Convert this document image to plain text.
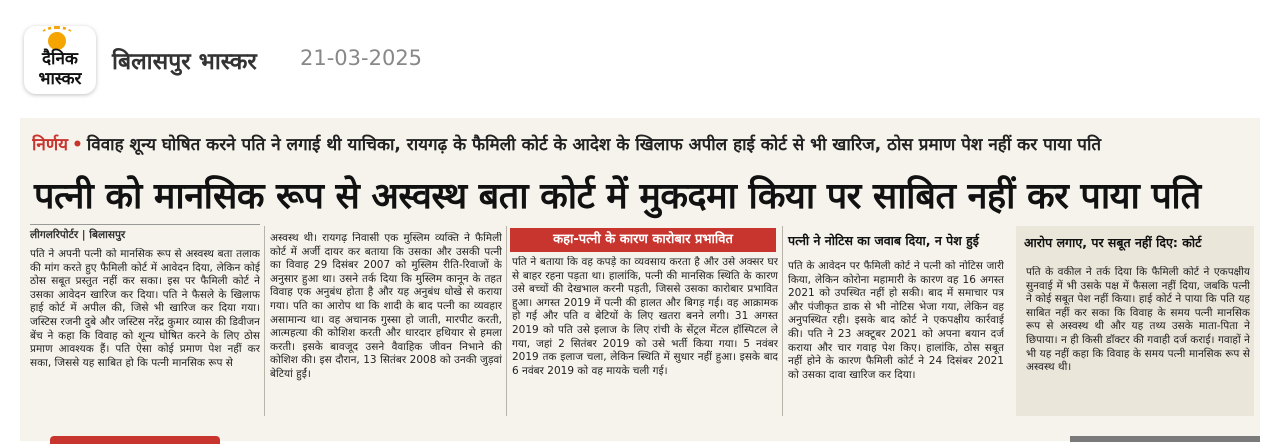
दैनिक
भास्कर
बिलासपुर भास्कर 21-03-2025
निर्णय • विवाह शून्य घोषित करने पति ने लगाई थी याचिका, रायगढ़ के फैमिली कोर्ट के आदेश के खिलाफ अपील हाई कोर्ट से भी खारिज, ठोस प्रमाण पेश नहीं कर पाया पति
पत्नी को मानसिक रूप से अस्वस्थ बता कोर्ट में मुकदमा किया पर साबित नहीं कर पाया पति
लीगलरिपोर्टर | बिलासपुर
पति ने अपनी पत्नी को मानसिक रूप से अस्वस्थ बता तलाक की मांग करते हुए फैमिली कोर्ट में आवेदन दिया, लेकिन कोई ठोस सबूत प्रस्तुत नहीं कर सका। इस पर फैमिली कोर्ट ने उसका आवेदन खारिज कर दिया। पति ने फैसले के खिलाफ हाई कोर्ट में अपील की, जिसे भी खारिज कर दिया गया। जस्टिस रजनी दुबे और जस्टिस नरेंद्र कुमार व्यास की डिवीजन बेंच ने कहा कि विवाह को शून्य घोषित करने के लिए ठोस प्रमाण आवश्यक हैं। पति ऐसा कोई प्रमाण पेश नहीं कर सका, जिससे यह साबित हो कि पत्नी मानसिक रूप से
अस्वस्थ थी। रायगढ़ निवासी एक मुस्लिम व्यक्ति ने फैमिली कोर्ट में अर्जी दायर कर बताया कि उसका और उसकी पत्नी का विवाह 29 दिसंबर 2007 को मुस्लिम रीति-रिवाजों के अनुसार हुआ था। उसने तर्क दिया कि मुस्लिम कानून के तहत विवाह एक अनुबंध होता है और यह अनुबंध धोखे से कराया गया। पति का आरोप था कि शादी के बाद पत्नी का व्यवहार असामान्य था। वह अचानक गुस्सा हो जाती, मारपीट करती, आत्महत्या की कोशिश करती और धारदार हथियार से हमला करती। इसके बावजूद उसने वैवाहिक जीवन निभाने की कोशिश की। इस दौरान, 13 सितंबर 2008 को उनकी जुड़वां बेटियां हुईं।
कहा-पत्नी के कारण कारोबार प्रभावित
पति ने बताया कि वह कपड़े का व्यवसाय करता है और उसे अक्सर घर से बाहर रहना पड़ता था। हालांकि, पत्नी की मानसिक स्थिति के कारण उसे बच्चों की देखभाल करनी पड़ती, जिससे उसका कारोबार प्रभावित हुआ। अगस्त 2019 में पत्नी की हालत और बिगड़ गई। वह आक्रामक हो गई और पति व बेटियों के लिए खतरा बनने लगी। 31 अगस्त 2019 को पति उसे इलाज के लिए रांची के सेंट्रल मेंटल हॉस्पिटल ले गया, जहां 2 सितंबर 2019 को उसे भर्ती किया गया। 5 नवंबर 2019 तक इलाज चला, लेकिन स्थिति में सुधार नहीं हुआ। इसके बाद 6 नवंबर 2019 को वह मायके चली गई।
पत्नी ने नोटिस का जवाब दिया, न पेश हुई
पति के आवेदन पर फैमिली कोर्ट ने पत्नी को नोटिस जारी किया, लेकिन कोरोना महामारी के कारण वह 16 अगस्त 2021 को उपस्थित नहीं हो सकी। बाद में समाचार पत्र और पंजीकृत डाक से भी नोटिस भेजा गया, लेकिन वह अनुपस्थित रही। इसके बाद कोर्ट ने एकपक्षीय कार्रवाई की। पति ने 23 अक्टूबर 2021 को अपना बयान दर्ज कराया और चार गवाह पेश किए। हालांकि, ठोस सबूत नहीं होने के कारण फैमिली कोर्ट ने 24 दिसंबर 2021 को उसका दावा खारिज कर दिया।
आरोप लगाए, पर सबूत नहीं दिए: कोर्ट
पति के वकील ने तर्क दिया कि फैमिली कोर्ट ने एकपक्षीय सुनवाई में भी उसके पक्ष में फैसला नहीं दिया, जबकि पत्नी ने कोई सबूत पेश नहीं किया। हाई कोर्ट ने पाया कि पति यह साबित नहीं कर सका कि विवाह के समय पत्नी मानसिक रूप से अस्वस्थ थी और यह तथ्य उसके माता-पिता ने छिपाया। न ही किसी डॉक्टर की गवाही दर्ज कराई। गवाहों ने भी यह नहीं कहा कि विवाह के समय पत्नी मानसिक रूप से अस्वस्थ थी।
